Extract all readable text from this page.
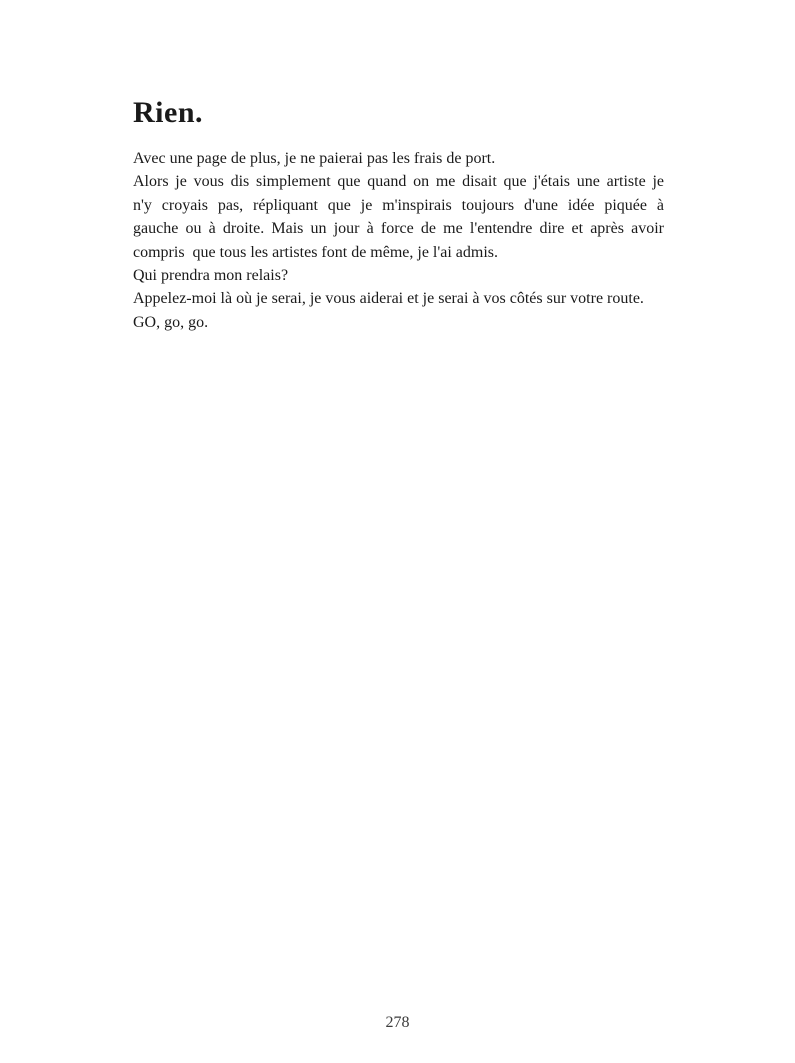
Rien.
Avec une page de plus, je ne paierai pas les frais de port.
Alors je vous dis simplement que quand on me disait que j'étais une artiste je
n'y croyais pas, répliquant que je m'inspirais toujours d'une idée piquée à
gauche ou à droite. Mais un jour à force de me l'entendre dire et après avoir
compris  que tous les artistes font de même, je l'ai admis.
Qui prendra mon relais?
Appelez-moi là où je serai, je vous aiderai et je serai à vos côtés sur votre route.
GO, go, go.
278
